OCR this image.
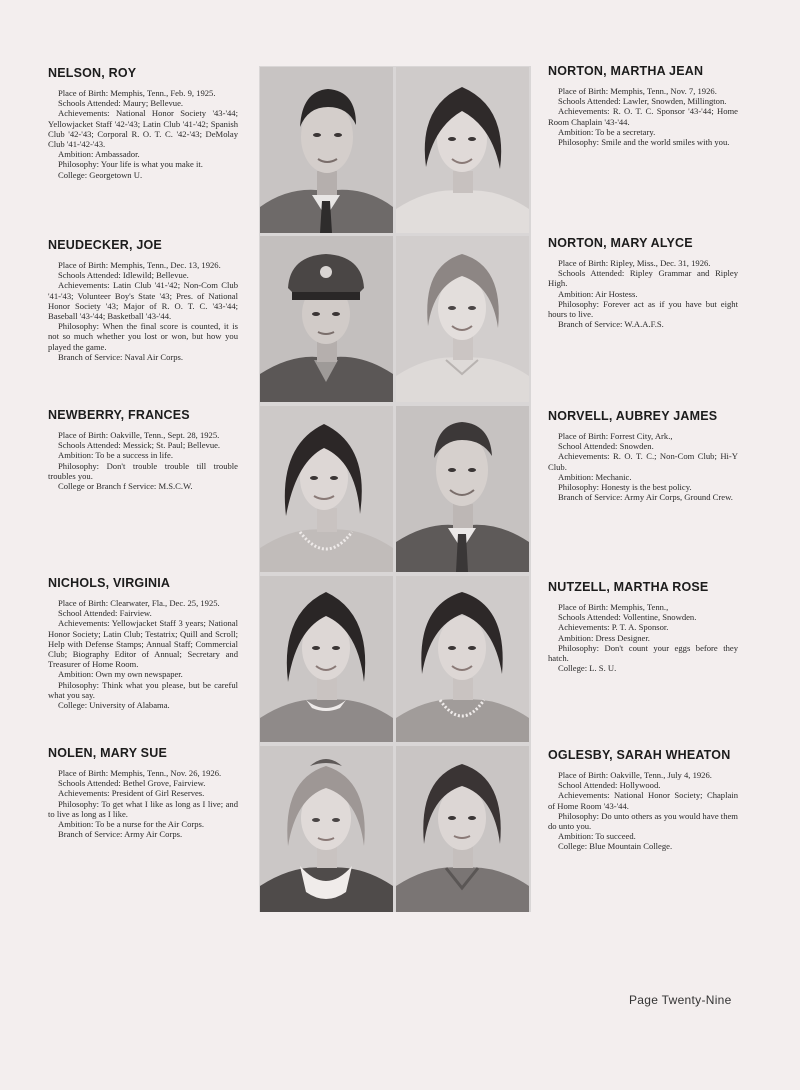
NELSON, ROY
Place of Birth: Memphis, Tenn., Feb. 9, 1925.
Schools Attended: Maury; Bellevue.
Achievements: National Honor Society '43-'44; Yellowjacket Staff '42-'43; Latin Club '41-'42; Spanish Club '42-'43; Corporal R. O. T. C. '42-'43; DeMolay Club '41-'42-'43.
Ambition: Ambassador.
Philosophy: Your life is what you make it.
College: Georgetown U.
NEUDECKER, JOE
Place of Birth: Memphis, Tenn., Dec. 13, 1926.
Schools Attended: Idlewild; Bellevue.
Achievements: Latin Club '41-'42; Non-Com Club '41-'43; Volunteer Boy's State '43; Pres. of National Honor Society '43; Major of R. O. T. C. '43-'44; Baseball '43-'44; Basketball '43-'44.
Philosophy: When the final score is counted, it is not so much whether you lost or won, but how you played the game.
Branch of Service: Naval Air Corps.
NEWBERRY, FRANCES
Place of Birth: Oakville, Tenn., Sept. 28, 1925.
Schools Attended: Messick; St. Paul; Bellevue.
Ambition: To be a success in life.
Philosophy: Don't trouble trouble till trouble troubles you.
College or Branch f Service: M.S.C.W.
NICHOLS, VIRGINIA
Place of Birth: Clearwater, Fla., Dec. 25, 1925.
School Attended: Fairview.
Achievements: Yellowjacket Staff 3 years; National Honor Society; Latin Club; Testatrix; Quill and Scroll; Help with Defense Stamps; Annual Staff; Commercial Club; Biography Editor of Annual; Secretary and Treasurer of Home Room.
Ambition: Own my own newspaper.
Philosophy: Think what you please, but be careful what you say.
College: University of Alabama.
NOLEN, MARY SUE
Place of Birth: Memphis, Tenn., Nov. 26, 1926.
Schools Attended: Bethel Grove, Fairview.
Achievements: President of Girl Reserves.
Philosophy: To get what I like as long as I live; and to live as long as I like.
Ambition: To be a nurse for the Air Corps.
Branch of Service: Army Air Corps.
NORTON, MARTHA JEAN
Place of Birth: Memphis, Tenn., Nov. 7, 1926.
Schools Attended: Lawler, Snowden, Millington.
Achievements: R. O. T. C. Sponsor '43-'44; Home Room Chaplain '43-'44.
Ambition: To be a secretary.
Philosophy: Smile and the world smiles with you.
NORTON, MARY ALYCE
Place of Birth: Ripley, Miss., Dec. 31, 1926.
Schools Attended: Ripley Grammar and Ripley High.
Ambition: Air Hostess.
Philosophy: Forever act as if you have but eight hours to live.
Branch of Service: W.A.A.F.S.
NORVELL, AUBREY JAMES
Place of Birth: Forrest City, Ark.,
School Attended: Snowden.
Achievements: R. O. T. C.; Non-Com Club; Hi-Y Club.
Ambition: Mechanic.
Philosophy: Honesty is the best policy.
Branch of Service: Army Air Corps, Ground Crew.
NUTZELL, MARTHA ROSE
Place of Birth: Memphis, Tenn.,
Schools Attended: Vollentine, Snowden.
Achievements: P. T. A. Sponsor.
Ambition: Dress Designer.
Philosophy: Don't count your eggs before they hatch.
College: L. S. U.
OGLESBY, SARAH WHEATON
Place of Birth: Oakville, Tenn., July 4, 1926.
School Attended: Hollywood.
Achievements: National Honor Society; Chaplain of Home Room '43-'44.
Philosophy: Do unto others as you would have them do unto you.
Ambition: To succeed.
College: Blue Mountain College.
Page Twenty-Nine
